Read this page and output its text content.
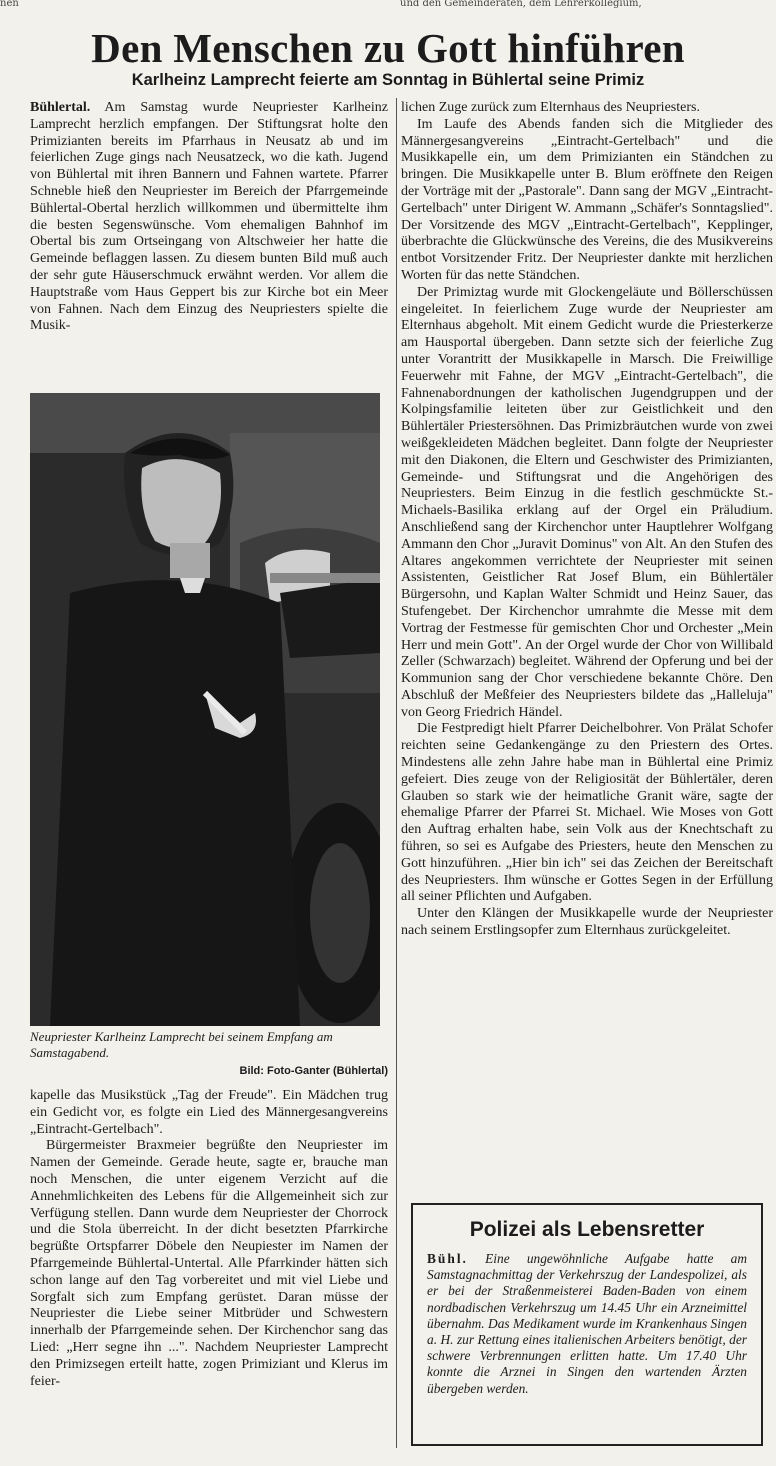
nen	und den Gemeinderäten, dem Lehrerkollegium,
Den Menschen zu Gott hinführen
Karlheinz Lamprecht feierte am Sonntag in Bühlertal seine Primiz

Bühlertal. Am Samstag wurde Neupriester Karlheinz Lamprecht herzlich empfangen. Der Stiftungsrat holte den Primizianten bereits im Pfarrhaus in Neusatz ab und im feierlichen Zuge gings nach Neusatzeck, wo die kath. Jugend von Bühlertal mit ihren Bannern und Fahnen wartete. Pfarrer Schneble hieß den Neupriester im Bereich der Pfarrgemeinde Bühlertal-Obertal herzlich willkommen und übermittelte ihm die besten Segenswünsche. Vom ehemaligen Bahnhof im Obertal bis zum Ortseingang von Altschweier her hatte die Gemeinde beflaggen lassen. Zu diesem bunten Bild muß auch der sehr gute Häuserschmuck erwähnt werden. Vor allem die Hauptstraße vom Haus Geppert bis zur Kirche bot ein Meer von Fahnen. Nach dem Einzug des Neupriesters spielte die Musik-

Neupriester Karlheinz Lamprecht bei seinem Empfang am Samstagabend.
Bild: Foto-Ganter (Bühlertal)

kapelle das Musikstück „Tag der Freude". Ein Mädchen trug ein Gedicht vor, es folgte ein Lied des Männergesangvereins „Eintracht-Gertelbach".

Bürgermeister Braxmeier begrüßte den Neupriester im Namen der Gemeinde. Gerade heute, sagte er, brauche man noch Menschen, die unter eigenem Verzicht auf die Annehmlichkeiten des Lebens für die Allgemeinheit sich zur Verfügung stellen. Dann wurde dem Neupriester der Chorrock und die Stola überreicht. In der dicht besetzten Pfarrkirche begrüßte Ortspfarrer Döbele den Neupiester im Namen der Pfarrgemeinde Bühlertal-Untertal. Alle Pfarrkinder hätten sich schon lange auf den Tag vorbereitet und mit viel Liebe und Sorgfalt sich zum Empfang gerüstet. Daran müsse der Neupriester die Liebe seiner Mitbrüder und Schwestern innerhalb der Pfarrgemeinde sehen. Der Kirchenchor sang das Lied: „Herr segne ihn ...". Nachdem Neupriester Lamprecht den Primizsegen erteilt hatte, zogen Primiziant und Klerus im feier-

lichen Zuge zurück zum Elternhaus des Neupriesters.

Im Laufe des Abends fanden sich die Mitglieder des Männergesangvereins „Eintracht-Gertelbach" und die Musikkapelle ein, um dem Primizianten ein Ständchen zu bringen. Die Musikkapelle unter B. Blum eröffnete den Reigen der Vorträge mit der „Pastorale". Dann sang der MGV „Eintracht-Gertelbach" unter Dirigent W. Ammann „Schäfer's Sonntagslied". Der Vorsitzende des MGV „Eintracht-Gertelbach", Kepplinger, überbrachte die Glückwünsche des Vereins, die des Musikvereins entbot Vorsitzender Fritz. Der Neupriester dankte mit herzlichen Worten für das nette Ständchen.

Der Primiztag wurde mit Glockengeläute und Böllerschüssen eingeleitet. In feierlichem Zuge wurde der Neupriester am Elternhaus abgeholt. Mit einem Gedicht wurde die Priesterkerze am Hausportal übergeben. Dann setzte sich der feierliche Zug unter Vorantritt der Musikkapelle in Marsch. Die Freiwillige Feuerwehr mit Fahne, der MGV „Eintracht-Gertelbach", die Fahnenabordnungen der katholischen Jugendgruppen und der Kolpingsfamilie leiteten über zur Geistlichkeit und den Bühlertäler Priestersöhnen. Das Primizbräutchen wurde von zwei weißgekleideten Mädchen begleitet. Dann folgte der Neupriester mit den Diakonen, die Eltern und Geschwister des Primizianten, Gemeinde- und Stiftungsrat und die Angehörigen des Neupriesters. Beim Einzug in die festlich geschmückte St.-Michaels-Basilika erklang auf der Orgel ein Präludium. Anschließend sang der Kirchenchor unter Hauptlehrer Wolfgang Ammann den Chor „Juravit Dominus" von Alt. An den Stufen des Altares angekommen verrichtete der Neupriester mit seinen Assistenten, Geistlicher Rat Josef Blum, ein Bühlertäler Bürgersohn, und Kaplan Walter Schmidt und Heinz Sauer, das Stufengebet. Der Kirchenchor umrahmte die Messe mit dem Vortrag der Festmesse für gemischten Chor und Orchester „Mein Herr und mein Gott". An der Orgel wurde der Chor von Willibald Zeller (Schwarzach) begleitet. Während der Opferung und bei der Kommunion sang der Chor verschiedene bekannte Chöre. Den Abschluß der Meßfeier des Neupriesters bildete das „Halleluja" von Georg Friedrich Händel.

Die Festpredigt hielt Pfarrer Deichelbohrer. Von Prälat Schofer reichten seine Gedankengänge zu den Priestern des Ortes. Mindestens alle zehn Jahre habe man in Bühlertal eine Primiz gefeiert. Dies zeuge von der Religiosität der Bühlertäler, deren Glauben so stark wie der heimatliche Granit wäre, sagte der ehemalige Pfarrer der Pfarrei St. Michael. Wie Moses von Gott den Auftrag erhalten habe, sein Volk aus der Knechtschaft zu führen, so sei es Aufgabe des Priesters, heute den Menschen zu Gott hinzuführen. „Hier bin ich" sei das Zeichen der Bereitschaft des Neupriesters. Ihm wünsche er Gottes Segen in der Erfüllung all seiner Pflichten und Aufgaben.

Unter den Klängen der Musikkapelle wurde der Neupriester nach seinem Erstlingsopfer zum Elternhaus zurückgeleitet.

Polizei als Lebensretter

Bühl. Eine ungewöhnliche Aufgabe hatte am Samstagnachmittag der Verkehrszug der Landespolizei, als er bei der Straßenmeisterei Baden-Baden von einem nordbadischen Verkehrszug um 14.45 Uhr ein Arzneimittel übernahm. Das Medikament wurde im Krankenhaus Singen a. H. zur Rettung eines italienischen Arbeiters benötigt, der schwere Verbrennungen erlitten hatte. Um 17.40 Uhr konnte die Arznei in Singen den wartenden Ärzten übergeben werden.
